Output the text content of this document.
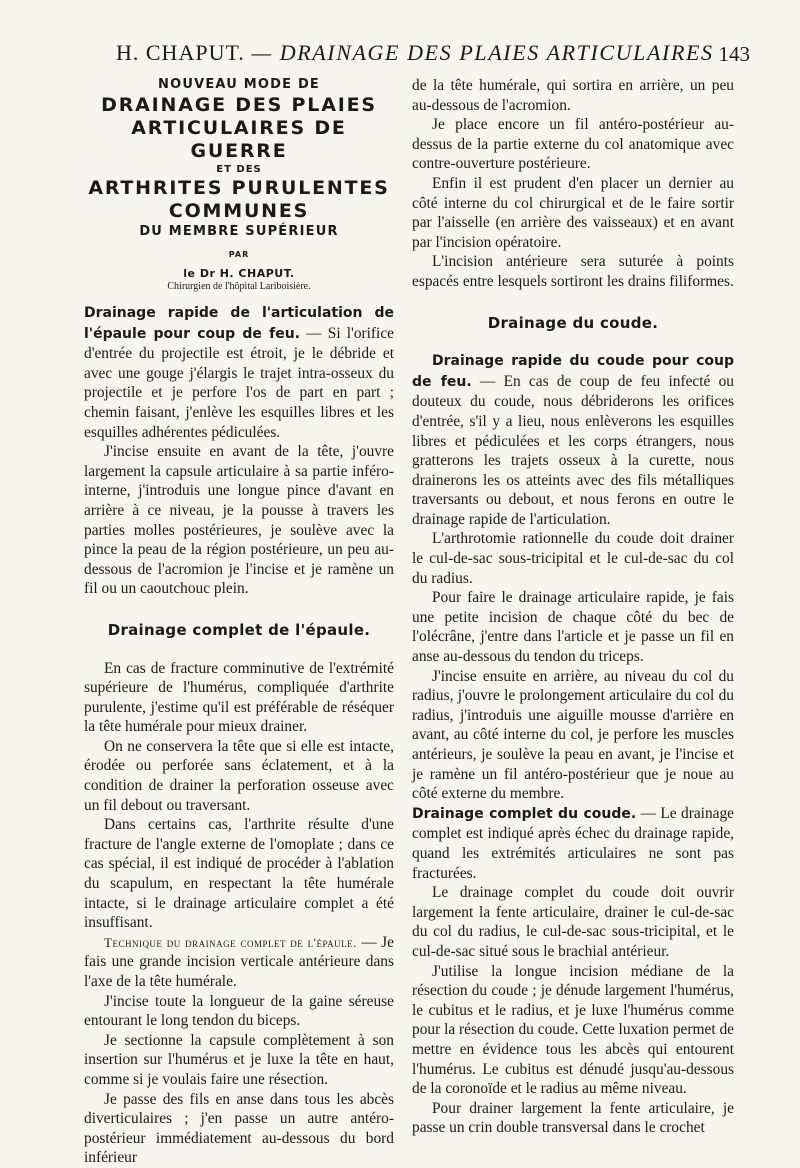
H. CHAPUT. — DRAINAGE DES PLAIES ARTICULAIRES 143
NOUVEAU MODE DE
DRAINAGE DES PLAIES
ARTICULAIRES DE GUERRE
ET DES
ARTHRITES PURULENTES
COMMUNES
DU MEMBRE SUPÉRIEUR
PAR
le Dr H. CHAPUT.
Chirurgien de l'hôpital Lariboisière.

Drainage rapide de l'articulation de l'épaule pour coup de feu. — Si l'orifice d'entrée du projectile est étroit, je le débride et avec une gouge j'élargis le trajet intra-osseux du projectile et je perfore l'os de part en part ; chemin faisant, j'enlève les esquilles libres et les esquilles adhérentes pédiculées.

J'incise ensuite en avant de la tête, j'ouvre largement la capsule articulaire à sa partie inféro-interne, j'introduis une longue pince d'avant en arrière à ce niveau, je la pousse à travers les parties molles postérieures, je soulève avec la pince la peau de la région postérieure, un peu au-dessous de l'acromion je l'incise et je ramène un fil ou un caoutchouc plein.

Drainage complet de l'épaule.

En cas de fracture comminutive de l'extrémité supérieure de l'humérus, compliquée d'arthrite purulente, j'estime qu'il est préférable de réséquer la tête humérale pour mieux drainer.

On ne conservera la tête que si elle est intacte, érodée ou perforée sans éclatement, et à la condition de drainer la perforation osseuse avec un fil debout ou traversant.

Dans certains cas, l'arthrite résulte d'une fracture de l'angle externe de l'omoplate ; dans ce cas spécial, il est indiqué de procéder à l'ablation du scapulum, en respectant la tête humérale intacte, si le drainage articulaire complet a été insuffisant.

Technique du drainage complet de l'épaule. — Je fais une grande incision verticale antérieure dans l'axe de la tête humérale.

J'incise toute la longueur de la gaine séreuse entourant le long tendon du biceps.

Je sectionne la capsule complètement à son insertion sur l'humérus et je luxe la tête en haut, comme si je voulais faire une résection.

Je passe des fils en anse dans tous les abcès diverticulaires ; j'en passe un autre antéro-postérieur immédiatement au-dessous du bord inférieur

de la tête humérale, qui sortira en arrière, un peu au-dessous de l'acromion.

Je place encore un fil antéro-postérieur au-dessus de la partie externe du col anatomique avec contre-ouverture postérieure.

Enfin il est prudent d'en placer un dernier au côté interne du col chirurgical et de le faire sortir par l'aisselle (en arrière des vaisseaux) et en avant par l'incision opératoire.

L'incision antérieure sera suturée à points espacés entre lesquels sortiront les drains filiformes.

Drainage du coude.

Drainage rapide du coude pour coup de feu. — En cas de coup de feu infecté ou douteux du coude, nous débriderons les orifices d'entrée, s'il y a lieu, nous enlèverons les esquilles libres et pédiculées et les corps étrangers, nous gratterons les trajets osseux à la curette, nous drainerons les os atteints avec des fils métalliques traversants ou debout, et nous ferons en outre le drainage rapide de l'articulation.

L'arthrotomie rationnelle du coude doit drainer le cul-de-sac sous-tricipital et le cul-de-sac du col du radius.

Pour faire le drainage articulaire rapide, je fais une petite incision de chaque côté du bec de l'olécrâne, j'entre dans l'article et je passe un fil en anse au-dessous du tendon du triceps.

J'incise ensuite en arrière, au niveau du col du radius, j'ouvre le prolongement articulaire du col du radius, j'introduis une aiguille mousse d'arrière en avant, au côté interne du col, je perfore les muscles antérieurs, je soulève la peau en avant, je l'incise et je ramène un fil antéro-postérieur que je noue au côté externe du membre.

Drainage complet du coude. — Le drainage complet est indiqué après échec du drainage rapide, quand les extrémités articulaires ne sont pas fracturées.

Le drainage complet du coude doit ouvrir largement la fente articulaire, drainer le cul-de-sac du col du radius, le cul-de-sac sous-tricipital, et le cul-de-sac situé sous le brachial antérieur.

J'utilise la longue incision médiane de la résection du coude ; je dénude largement l'humérus, le cubitus et le radius, et je luxe l'humérus comme pour la résection du coude. Cette luxation permet de mettre en évidence tous les abcès qui entourent l'humérus. Le cubitus est dénudé jusqu'au-dessous de la coronoïde et le radius au même niveau.

Pour drainer largement la fente articulaire, je passe un crin double transversal dans le crochet
